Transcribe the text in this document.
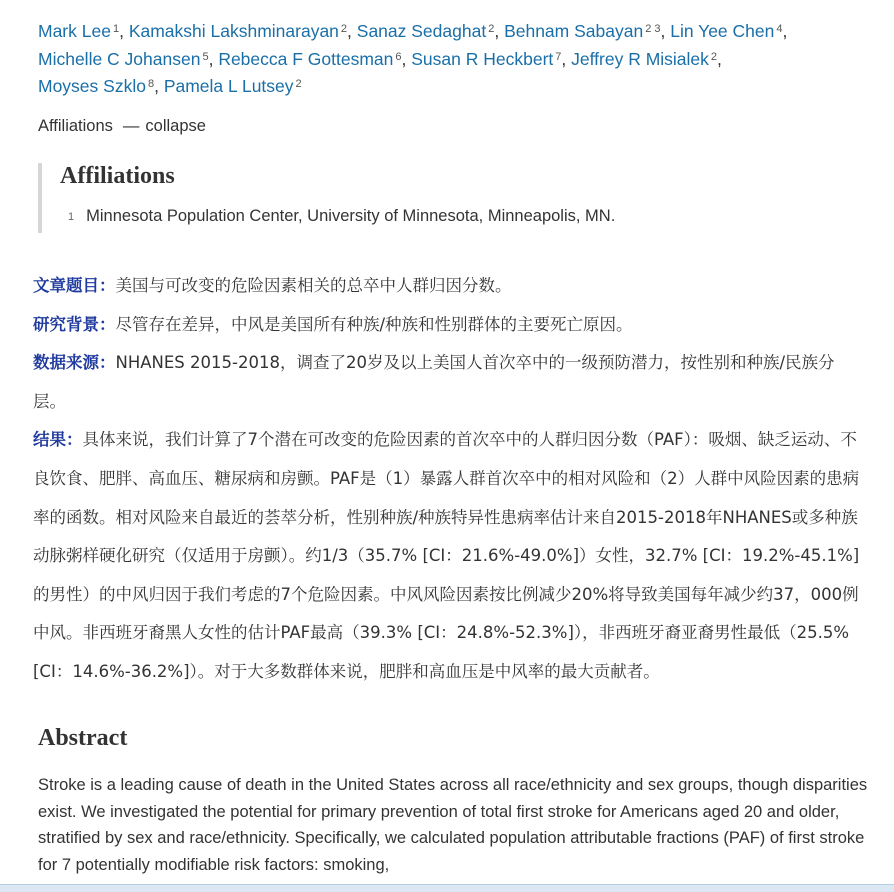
Mark Lee $^1$, Kamakshi Lakshminarayan $^2$, Sanaz Sedaghat $^2$, Behnam Sabayan $^{2 3}$, Lin Yee Chen $^4$,
Michelle C Johansen $^5$, Rebecca F Gottesman $^6$, Susan R Heckbert $^7$, Jeffrey R Misialek $^2$,
Moyses Szklo $^8$, Pamela L Lutsey $^2$
Affiliations — collapse
Affiliations
1 Minnesota Population Center, University of Minnesota, Minneapolis, MN.

文章题目：美国与可改变的危险因素相关的总卒中人群归因分数。

研究背景：尽管存在差异，中风是美国所有种族/种族和性别群体的主要死亡原因。

数据来源：NHANES 2015-2018，调查了20岁及以上美国人首次卒中的一级预防潜力，按性别和种族/民族分层。

结果：具体来说，我们计算了7个潜在可改变的危险因素的首次卒中的人群归因分数（PAF）：吸烟、缺乏运动、不良饮食、肥胖、高血压、糖尿病和房颤。PAF是（1）暴露人群首次卒中的相对风险和（2）人群中风险因素的患病率的函数。相对风险来自最近的荟萃分析，性别种族/种族特异性患病率估计来自2015-2018年NHANES或多种族动脉粥样硬化研究（仅适用于房颤）。约1/3（35.7% [CI：21.6%-49.0%]）女性，32.7% [CI：19.2%-45.1%]的男性）的中风归因于我们考虑的7个危险因素。中风风险因素按比例减少20%将导致美国每年减少约37，000例中风。非西班牙裔黑人女性的估计PAF最高（39.3% [CI：24.8%-52.3%]），非西班牙裔亚裔男性最低（25.5% [CI：14.6%-36.2%]）。对于大多数群体来说，肥胖和高血压是中风率的最大贡献者。

Abstract
Stroke is a leading cause of death in the United States across all race/ethnicity and sex groups, though disparities exist. We investigated the potential for primary prevention of total first stroke for Americans aged 20 and older, stratified by sex and race/ethnicity. Specifically, we calculated population attributable fractions (PAF) of first stroke for 7 potentially modifiable risk factors: smoking,
